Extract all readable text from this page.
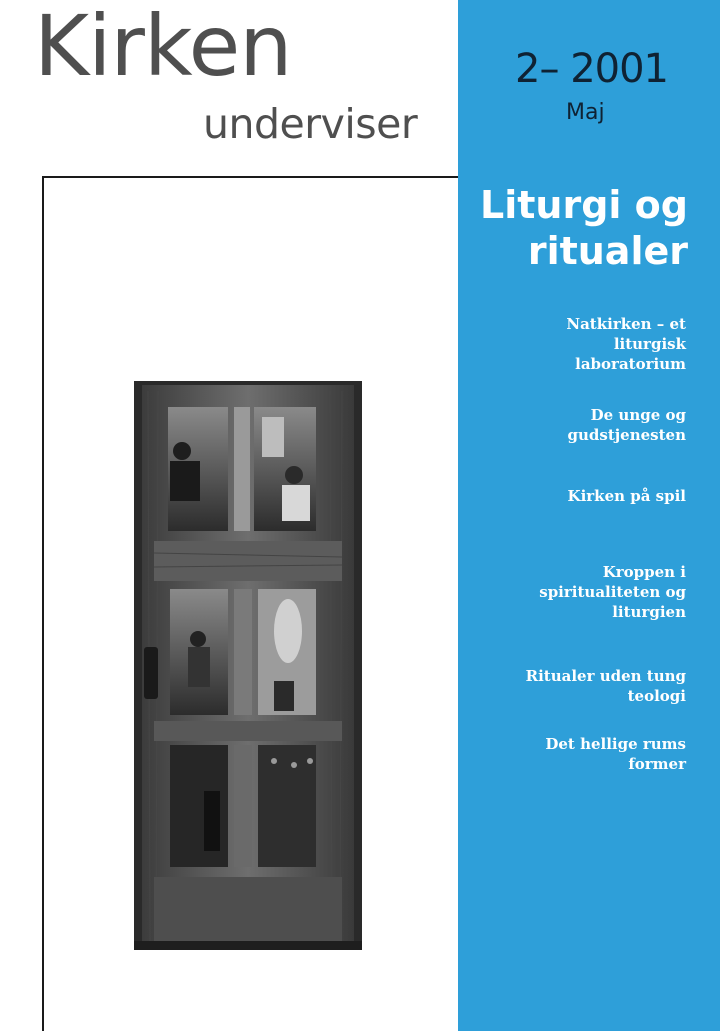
Kirken
underviser
2– 2001
Maj
Liturgi og
ritualer
Natkirken – et
liturgisk
laboratorium
De unge og
gudstjenesten
Kirken på spil
Kroppen i
spiritualiteten og
liturgien
Ritualer uden tung
teologi
Det hellige rums
former
